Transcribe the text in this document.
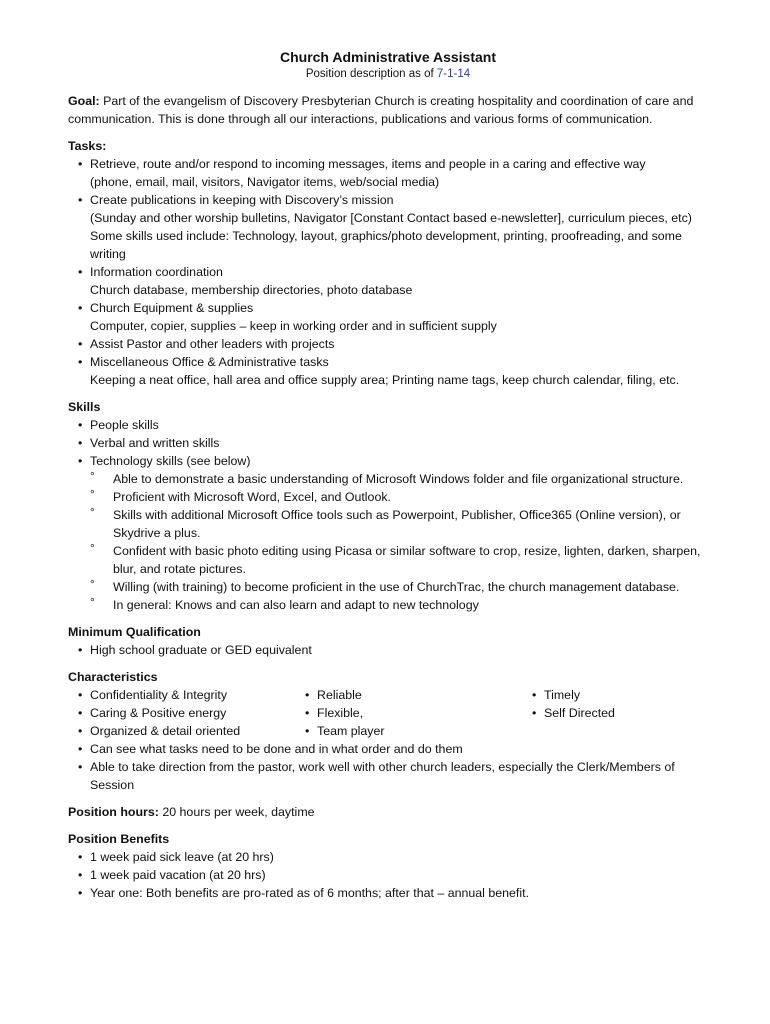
Church Administrative Assistant
Position description as of 7-1-14

Goal: Part of the evangelism of Discovery Presbyterian Church is creating hospitality and coordination of care and communication. This is done through all our interactions, publications and various forms of communication.

Tasks:
• Retrieve, route and/or respond to incoming messages, items and people in a caring and effective way
(phone, email, mail, visitors, Navigator items, web/social media)
• Create publications in keeping with Discovery’s mission
(Sunday and other worship bulletins, Navigator [Constant Contact based e-newsletter], curriculum pieces, etc) Some skills used include: Technology, layout, graphics/photo development, printing, proofreading, and some writing
• Information coordination
Church database, membership directories, photo database
• Church Equipment & supplies
Computer, copier, supplies – keep in working order and in sufficient supply
• Assist Pastor and other leaders with projects
• Miscellaneous Office & Administrative tasks
Keeping a neat office, hall area and office supply area; Printing name tags, keep church calendar, filing, etc.
Skills
• People skills
• Verbal and written skills
• Technology skills (see below)
° Able to demonstrate a basic understanding of Microsoft Windows folder and file organizational structure.
° Proficient with Microsoft Word, Excel, and Outlook.
° Skills with additional Microsoft Office tools such as Powerpoint, Publisher, Office365 (Online version), or Skydrive a plus.
° Confident with basic photo editing using Picasa or similar software to crop, resize, lighten, darken, sharpen, blur, and rotate pictures.
° Willing (with training) to become proficient in the use of ChurchTrac, the church management database.
° In general: Knows and can also learn and adapt to new technology
Minimum Qualification
• High school graduate or GED equivalent
Characteristics
• Confidentiality & Integrity	• Reliable	• Timely
• Caring & Positive energy	• Flexible,	• Self Directed
• Organized & detail oriented	• Team player
• Can see what tasks need to be done and in what order and do them
• Able to take direction from the pastor, work well with other church leaders, especially the Clerk/Members of Session

Position hours: 20 hours per week, daytime

Position Benefits
• 1 week paid sick leave (at 20 hrs)
• 1 week paid vacation (at 20 hrs)
• Year one: Both benefits are pro-rated as of 6 months; after that – annual benefit.
